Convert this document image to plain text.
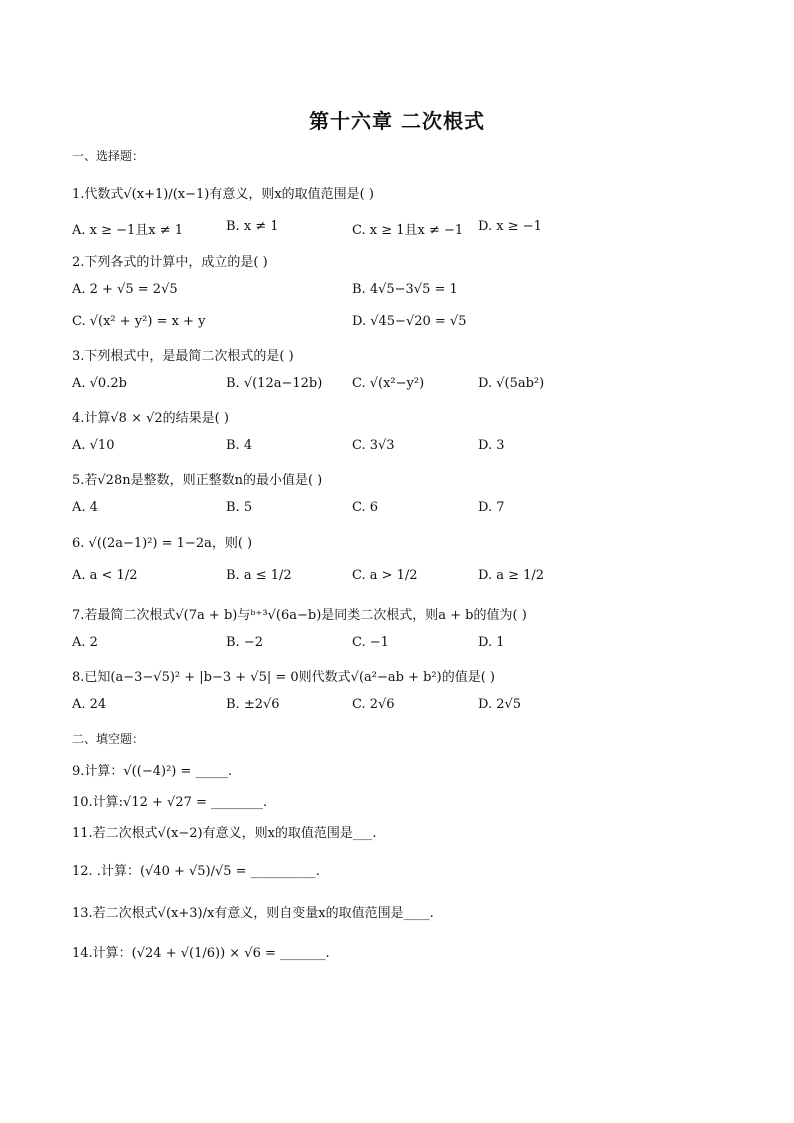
第十六章 二次根式
一、选择题：
1.代数式√(x+1)/(x−1)有意义，则x的取值范围是( )
A. x ≥ −1且x ≠ 1	B. x ≠ 1	C. x ≥ 1且x ≠ −1 D. x ≥ −1
2.下列各式的计算中，成立的是( )
A. 2 + √5 = 2√5	B. 4√5−3√5 = 1
C. √(x² + y²) = x + y	D. √45−√20 = √5
3.下列根式中，是最简二次根式的是( )
A. √0.2b	B. √(12a−12b) C. √(x²−y²)	D. √(5ab²)
4.计算√8 × √2的结果是( )
A. √10	B. 4	C. 3√3	D. 3
5.若√28n是整数，则正整数n的最小值是( )
A. 4	B. 5	C. 6	D. 7
6. √((2a−1)²) = 1−2a，则( )
A. a < 1/2	B. a ≤ 1/2	C. a > 1/2	D. a ≥ 1/2
7.若最简二次根式√(7a + b)与ᵇ⁺³√(6a−b)是同类二次根式，则a + b的值为( )
A. 2	B. −2	C. −1	D. 1
8.已知(a−3−√5)² + |b−3 + √5| = 0则代数式√(a²−ab + b²)的值是( )
A. 24	B. ±2√6	C. 2√6	D. 2√5
二、填空题：
9.计算：√((−4)²) = _____.
10.计算:√12 + √27 = ________.
11.若二次根式√(x−2)有意义，则x的取值范围是___.
12. .计算：(√40 + √5)/√5 = __________.
13.若二次根式√(x+3)/x有意义，则自变量x的取值范围是____.
14.计算：(√24 + √(1/6)) × √6 = _______.
